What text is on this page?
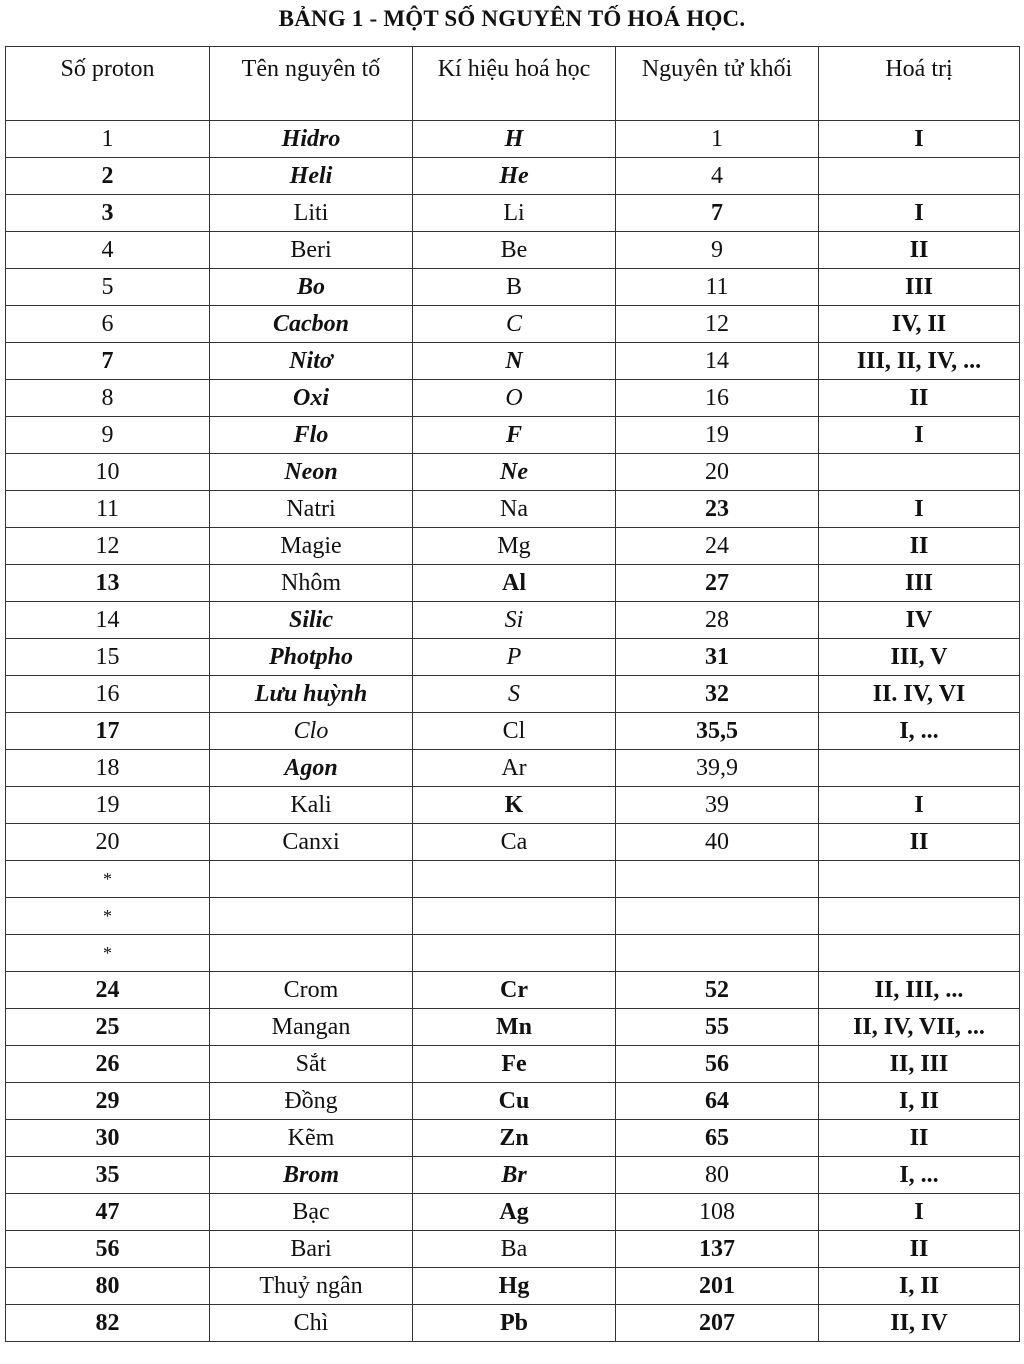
BẢNG 1 - MỘT SỐ NGUYÊN TỐ HOÁ HỌC.
Số proton	Tên nguyên tố	Kí hiệu hoá học	Nguyên tử khối	Hoá trị
1	Hidro	H	1	I
2	Heli	He	4	
3	Liti	Li	7	I
4	Beri	Be	9	II
5	Bo	B	11	III
6	Cacbon	C	12	IV, II
7	Nitơ	N	14	III, II, IV, ...
8	Oxi	O	16	II
9	Flo	F	19	I
10	Neon	Ne	20	
11	Natri	Na	23	I
12	Magie	Mg	24	II
13	Nhôm	Al	27	III
14	Silic	Si	28	IV
15	Photpho	P	31	III, V
16	Lưu huỳnh	S	32	II. IV, VI
17	Clo	Cl	35,5	I, ...
18	Agon	Ar	39,9	
19	Kali	K	39	I
20	Canxi	Ca	40	II
*				
*				
*				
24	Crom	Cr	52	II, III, ...
25	Mangan	Mn	55	II, IV, VII, ...
26	Sắt	Fe	56	II, III
29	Đồng	Cu	64	I, II
30	Kẽm	Zn	65	II
35	Brom	Br	80	I, ...
47	Bạc	Ag	108	I
56	Bari	Ba	137	II
80	Thuỷ ngân	Hg	201	I, II
82	Chì	Pb	207	II, IV
